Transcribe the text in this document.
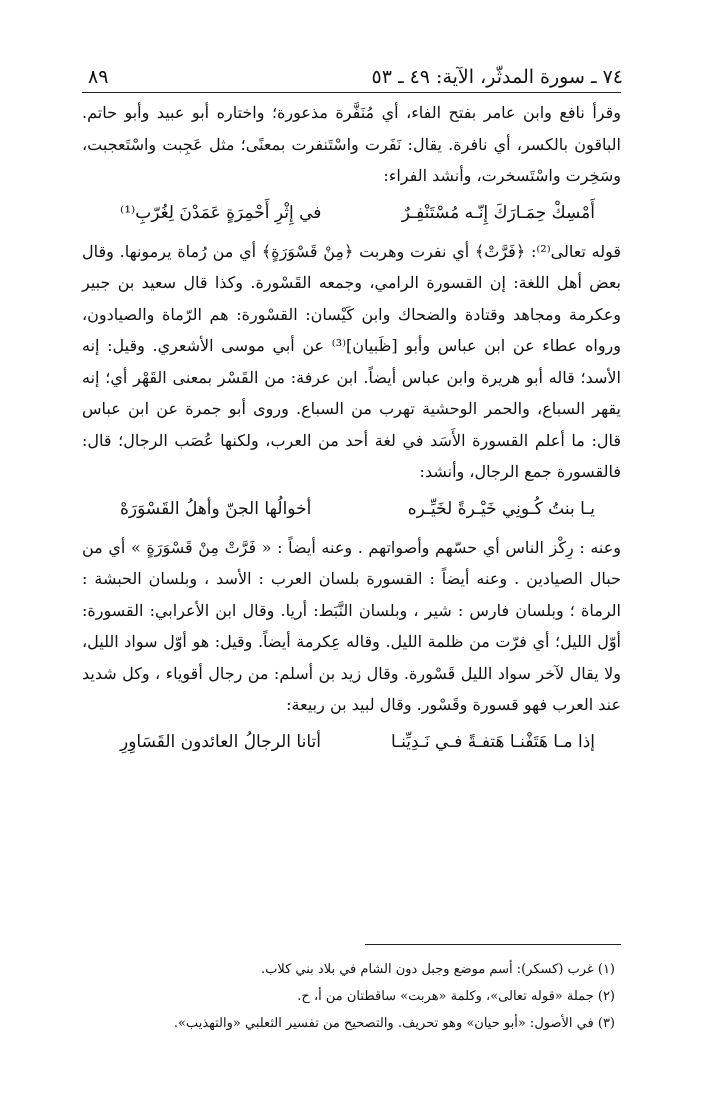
٨٩	٧٤ ـ سورة المدثّر، الآية: ٤٩ ـ ٥٣

وقرأ نافع وابن عامر بفتح الفاء، أي مُنَفَّرة مذعورة؛ واختاره أبو عبيد وأبو حاتم. الباقون بالكسر، أي نافرة. يقال: نَفَرت واسْتَنفرت بمعنًى؛ مثل عَجِبت واسْتَعجبت، وسَخِرت واسْتَسخرت، وأنشد الفراء:

أَمْسِكْ حِمَـارَكَ إِنّـه مُسْتَنْفِـرٌ
في إِثْرِ أَحْمِرَةٍ عَمَدْنَ لِغُرّبِ⁽¹⁾

قوله تعالى⁽²⁾: ﴿فَرَّتْ﴾ أي نفرت وهربت ﴿مِنْ قَسْوَرَةٍ﴾ أي من رُماة يرمونها. وقال بعض أهل اللغة: إن القسورة الرامي، وجمعه القَسْورة. وكذا قال سعيد بن جبير وعكرمة ومجاهد وقتادة والضحاك وابن كَيْسان: القسْورة: هم الرّماة والصيادون، ورواه عطاء عن ابن عباس وأبو [ظَبيان]⁽³⁾ عن أبي موسى الأشعري. وقيل: إنه الأسد؛ قاله أبو هريرة وابن عباس أيضاً. ابن عرفة: من القَسْر بمعنى القَهْر أي؛ إنه يقهر السباع، والحمر الوحشية تهرب من السباع. وروى أبو جمرة عن ابن عباس قال: ما أعلم القسورة الأَسَد في لغة أحد من العرب، ولكنها عُصَب الرجال؛ قال: فالقسورة جمع الرجال، وأنشد:

يـا بنتُ كُـونِي خَيْـرةً لخَيِّـره
أخوالُها الجنّ وأهلُ القَسْوَرَهْ

وعنه : رِكْز الناس أي حسّهم وأصواتهم . وعنه أيضاً : « فَرَّتْ مِنْ قَسْوَرَةٍ » أي من حبال الصيادين . وعنه أيضاً : القسورة بلسان العرب : الأسد ، وبلسان الحبشة : الرماة ؛ وبلسان فارس : شير ، وبلسان النَّبَط: أريا. وقال ابن الأعرابي: القسورة: أوّل الليل؛ أي فرّت من ظلمة الليل. وقاله عِكرمة أيضاً. وقيل: هو أوّل سواد الليل، ولا يقال لآخر سواد الليل قَسْورة. وقال زيد بن أسلم: من رجال أقوياء ، وكل شديد عند العرب فهو قسورة وقَسْور. وقال لبيد بن ربيعة:

إذا مـا هَتَفْنـا هَتفـةً فـي نَـدِيِّنـا
أتانا الرجالُ العائدون القَسَاوِرِ

(١) غرب (كسكر): أسم موضع وجبل دون الشام في بلاد بني كلاب.

(٢) جملة «قوله تعالى»، وكلمة «هربت» ساقطتان من أ، ح.

(٣) في الأصول: «أبو حيان» وهو تحريف. والتصحيح من تفسير الثعلبي «والتهذيب».
